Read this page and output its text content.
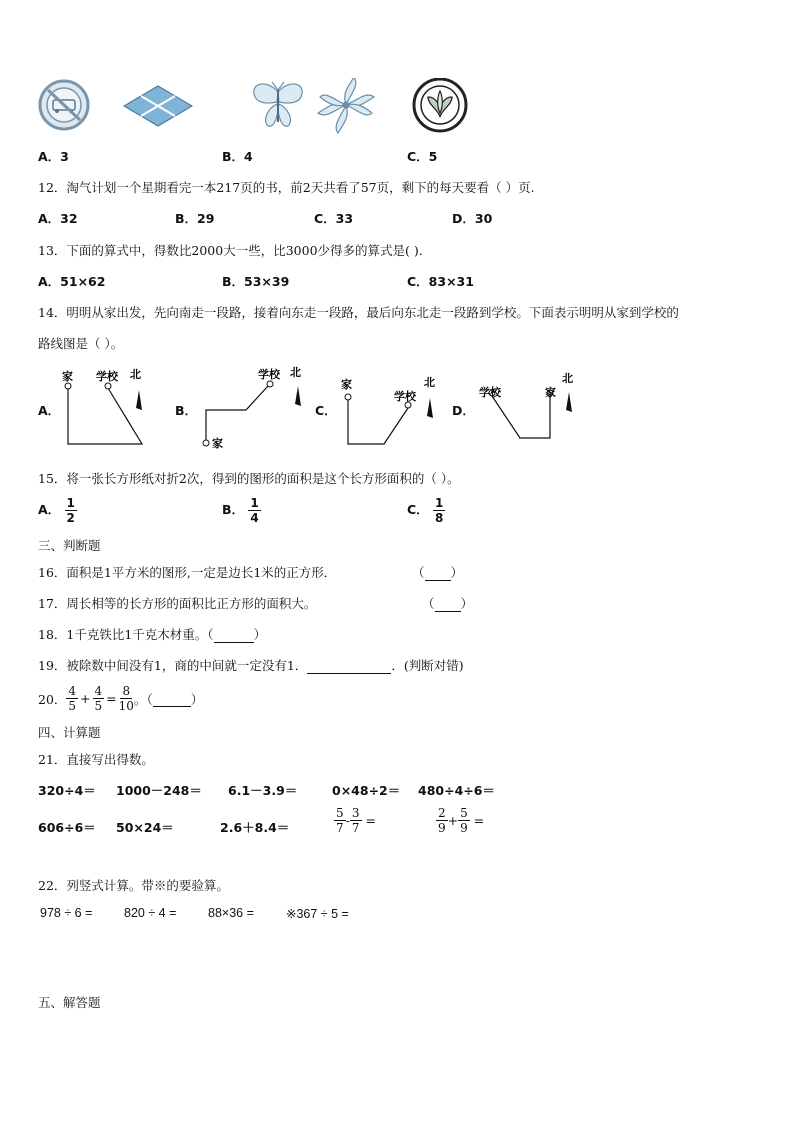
A．3	B．4	C．5
12．淘气计划一个星期看完一本217页的书，前2天共看了57页，剩下的每天要看（ ）页.
A．32	B．29	C．33	D．30
13．下面的算式中，得数比2000大一些，比3000少得多的算式是( ).
A．51×62	B．53×39	C．83×31
14．明明从家出发，先向南走一段路，接着向东走一段路，最后向东北走一段路到学校。下面表示明明从家到学校的
路线图是（ ）。
A．	B．	C．	D．
家 学校 北
家
学校 北
家
学校
北
学校	家
北
15．将一张长方形纸对折2次，得到的图形的面积是这个长方形面积的（ ）。
A． $\frac{1}{2}$	B． $\frac{1}{4}$	C． $\frac{1}{8}$
三、判断题
16．面积是1平方米的图形,一定是边长1米的正方形．	（ ）
17．周长相等的长方形的面积比正方形的面积大。	（ ）
18．1千克铁比1千克木材重。（	）
19．被除数中间没有1，商的中间就一定没有1．	．(判断对错)
20． $\frac{4}{5} + \frac{4}{5} = \frac{8}{10}$ 。（
	）
四、计算题
21．直接写出得数。
320÷4＝ 1000－248＝ 6.1－3.9＝	0×48÷2＝ 480÷4÷6＝
606÷6＝ 50×24＝	2.6＋8.4＝	$\frac{5}{7} - \frac{3}{7}$ =	$\frac{2}{9} + \frac{5}{9}$ =
22．列竖式计算。带※的要验算。
978 ÷ 6 =	820 ÷ 4 =	88×36 =	※367 ÷ 5 =
五、解答题
